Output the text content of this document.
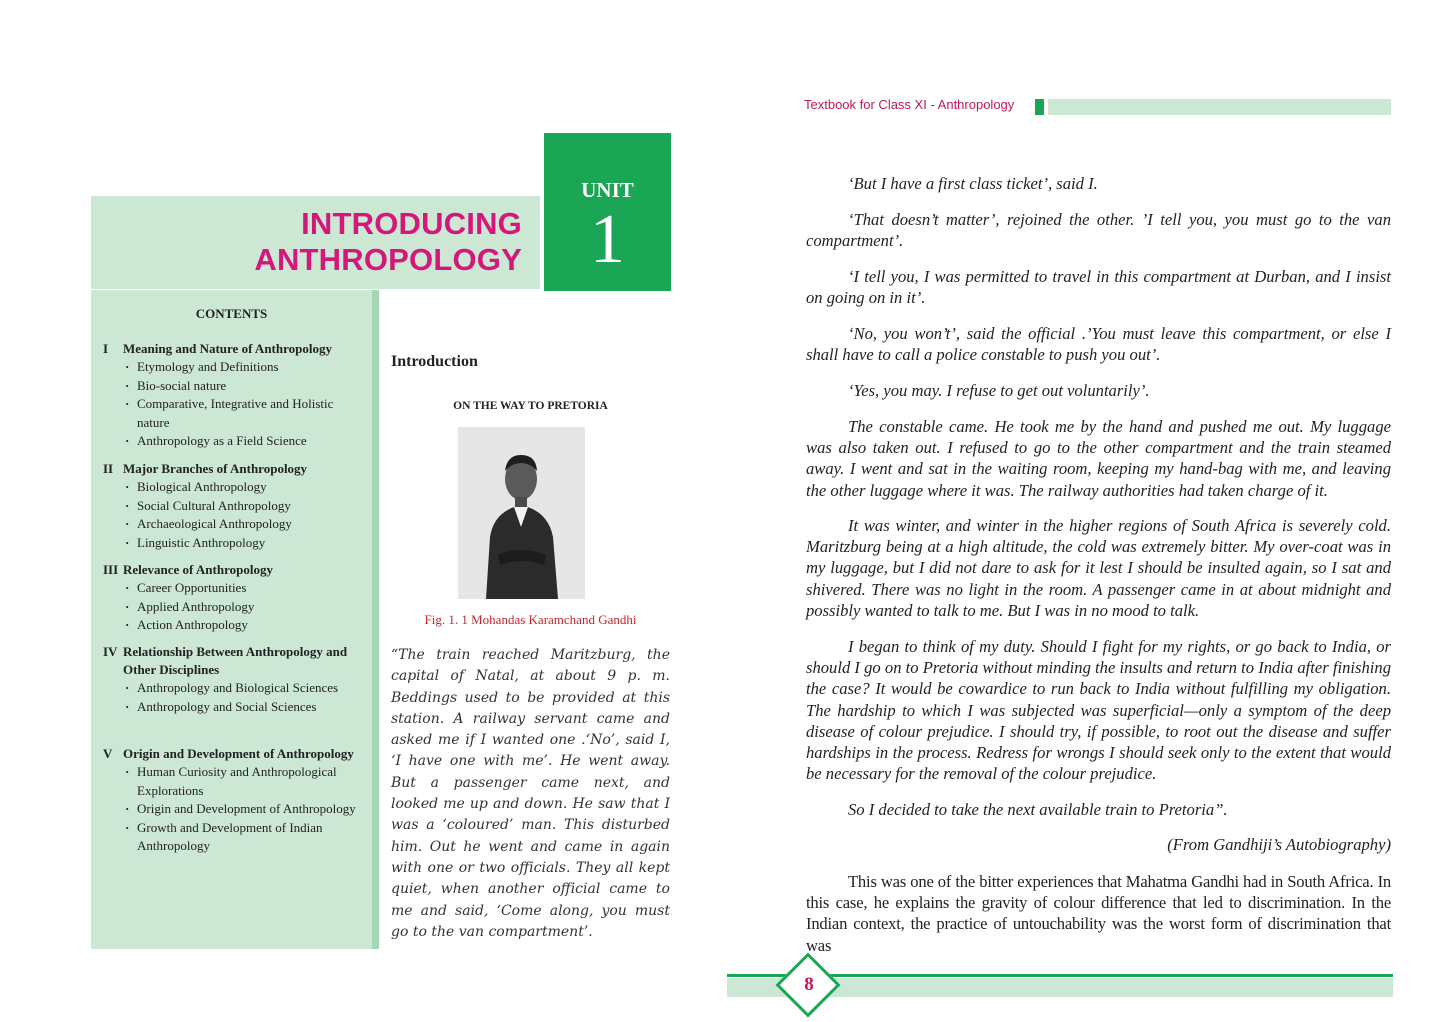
INTRODUCING
ANTHROPOLOGY
UNIT
1
CONTENTS
I	Meaning and Nature of Anthropology
· Etymology and Definitions
· Bio-social nature
· Comparative, Integrative and Holistic nature
· Anthropology as a Field Science
II Major Branches of Anthropology
· Biological Anthropology
· Social Cultural Anthropology
· Archaeological Anthropology
· Linguistic Anthropology
III Relevance of Anthropology
· Career Opportunities
· Applied Anthropology
· Action Anthropology
IV Relationship Between Anthropology and Other Disciplines
· Anthropology and Biological Sciences
· Anthropology and Social Sciences
V Origin and Development of Anthropology
· Human Curiosity and Anthropological Explorations
· Origin and Development of Anthropology
· Growth and Development of Indian Anthropology
Introduction
ON THE WAY TO PRETORIA
Fig. 1. 1 Mohandas Karamchand Gandhi
“The train reached Maritzburg, the capital of Natal, at about 9 p. m. Beddings used to be provided at this station. A railway servant came and asked me if I wanted one .‘No’, said I, ‘I have one with me’. He went away. But a passenger came next, and looked me up and down. He saw that I was a ‘coloured’ man. This disturbed him. Out he went and came in again with one or two officials. They all kept quiet, when another official came to me and said, ‘Come along, you must go to the van compartment’.
Textbook for Class XI - Anthropology

‘But I have a first class ticket’, said I.

‘That doesn’t matter’, rejoined the other. ’I tell you, you must go to the van compartment’.

‘I tell you, I was permitted to travel in this compartment at Durban, and I insist on going on in it’.

‘No, you won’t’, said the official .’You must leave this compartment, or else I shall have to call a police constable to push you out’.

‘Yes, you may. I refuse to get out voluntarily’.

The constable came. He took me by the hand and pushed me out. My luggage was also taken out. I refused to go to the other compartment and the train steamed away. I went and sat in the waiting room, keeping my hand-bag with me, and leaving the other luggage where it was. The railway authorities had taken charge of it.

It was winter, and winter in the higher regions of South Africa is severely cold. Maritzburg being at a high altitude, the cold was extremely bitter. My over-coat was in my luggage, but I did not dare to ask for it lest I should be insulted again, so I sat and shivered. There was no light in the room. A passenger came in at about midnight and possibly wanted to talk to me. But I was in no mood to talk.

I began to think of my duty. Should I fight for my rights, or go back to India, or should I go on to Pretoria without minding the insults and return to India after finishing the case? It would be cowardice to run back to India without fulfilling my obligation. The hardship to which I was subjected was superficial—only a symptom of the deep disease of colour prejudice. I should try, if possible, to root out the disease and suffer hardships in the process. Redress for wrongs I should seek only to the extent that would be necessary for the removal of the colour prejudice.

So I decided to take the next available train to Pretoria”.

(From Gandhiji’s Autobiography)

This was one of the bitter experiences that Mahatma Gandhi had in South Africa. In this case, he explains the gravity of colour difference that led to discrimination. In the Indian context, the practice of untouchability was the worst form of discrimination that was

8
